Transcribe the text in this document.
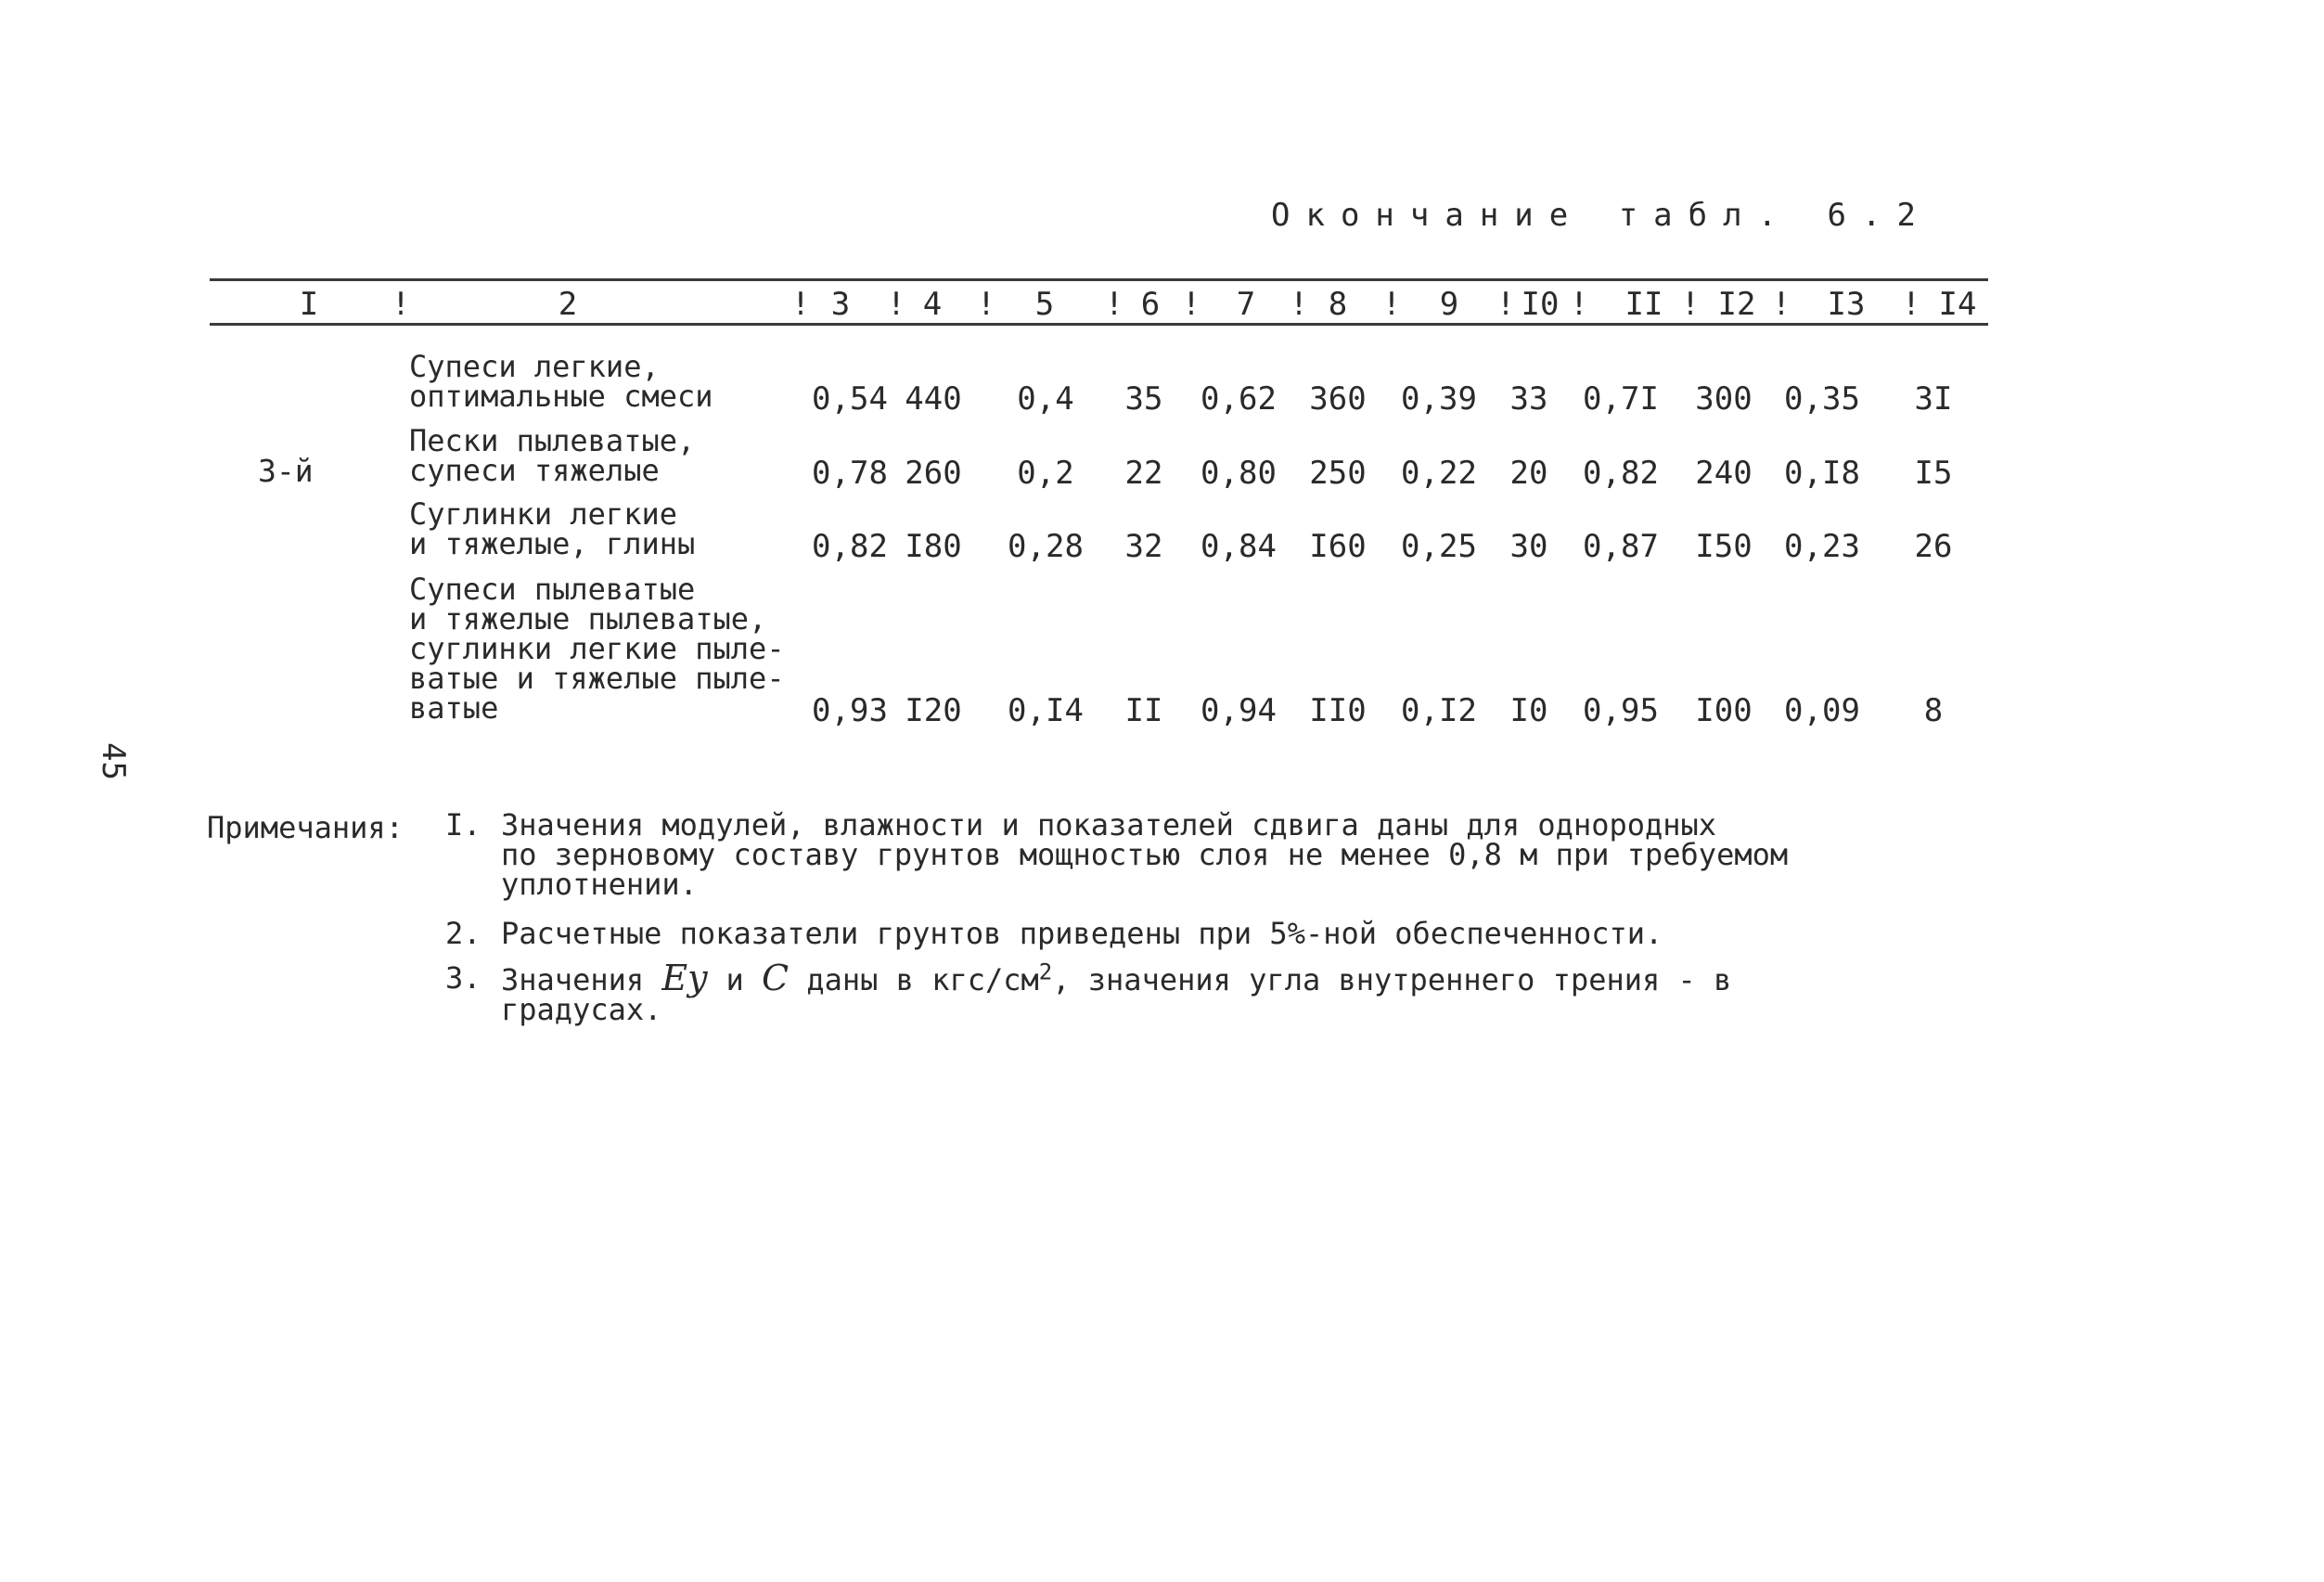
Окончание табл. 6.2
45
I !	2	! 3 ! 4 ! 5 ! 6 ! 7 ! 8 ! 9 ! I0 ! II ! I2 ! I3 ! I4
3-й
Супеси легкие,
оптимальные смеси	0,54 440 0,4 35 0,62 360 0,39 33 0,7I 300 0,35 3I
Пески пылеватые,
супеси тяжелые	0,78 260 0,2 22 0,80 250 0,22 20 0,82 240 0,I8 I5
Суглинки легкие
и тяжелые, глины	0,82 I80 0,28 32 0,84 I60 0,25 30 0,87 I50 0,23 26
Супеси пылеватые
и тяжелые пылеватые,
суглинки легкие пыле-
ватые и тяжелые пыле-
ватые	0,93 I20 0,I4 II 0,94 II0 0,I2 I0 0,95 I00 0,09 8
Примечания: I. Значения модулей, влажности и показателей сдвига даны для однородных
по зерновому составу грунтов мощностью слоя не менее 0,8 м при требуемом
уплотнении.
2. Расчетные показатели грунтов приведены при 5%-ной обеспеченности.
3. Значения Eу и C даны в кгс/$см^2$, значения угла внутреннего трения - в
градусах.
